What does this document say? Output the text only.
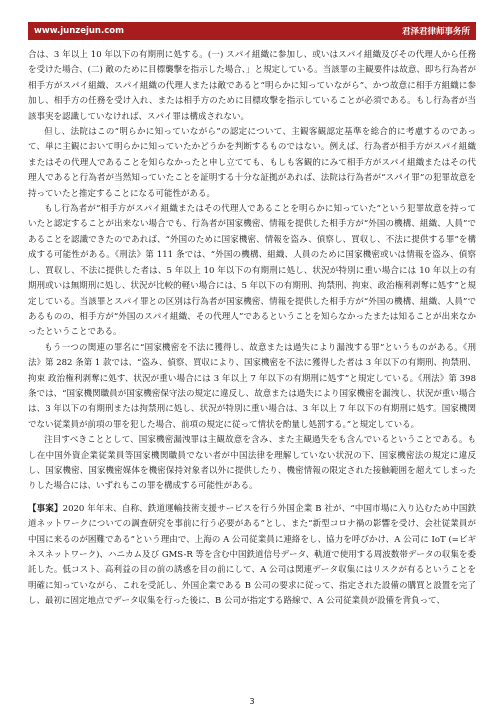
www.junzejun.com	君泽君律师事务所

合は、3 年以上 10 年以下の有期刑に処する。(一) スパイ組織に参加し、或いはスパイ組織及びその代理人から任務を受けた場合、(二) 敵のために目標襲撃を指示した場合、」と規定している。当該罪の主観要件は故意、即ち行為者が相手方がスパイ組織、スパイ組織の代理人または敵であると“明らかに知っていながら”、かつ故意に相手方組織に参加し、相手方の任務を受け入れ、または相手方のために目標攻撃を指示していることが必須である。もし行為者が当該事実を認識していなければ、スパイ罪は構成されない。

但し、法院はこの“明らかに知っていながら”の認定について、主観客観認定基準を総合的に考慮するのであって、単に主観において明らかに知っていたかどうかを判断するものではない。例えば、行為者が相手方がスパイ組織またはその代理人であることを知らなかったと申し立てても、もしも客観的にみて相手方がスパイ組織またはその代理人であると行為者が当然知っていたことを証明する十分な証拠があれば、法院は行為者が“スパイ罪”の犯罪故意を持っていたと推定することになる可能性がある。

もし行為者が“相手方がスパイ組織またはその代理人であることを明らかに知っていた”という犯罪故意を持っていたと認定することが出来ない場合でも、行為者が国家機密、情報を提供した相手方が“外国の機構、組織、人員”であることを認識できたのであれば、“外国のために国家機密、情報を盗み、偵察し、買収し、不法に提供する罪”を構成する可能性がある。《刑法》第 111 条では、“外国の機構、組織、人員のために国家機密或いは情報を盗み、偵察し、買収し、不法に提供した者は、5 年以上 10 年以下の有期刑に処し、状況が特別に重い場合には 10 年以上の有期刑或いは無期刑に処し、状況が比較的軽い場合には、5 年以下の有期刑、拘禁刑、拘束、政治権利剥奪に処す”と規定している。当該罪とスパイ罪との区別は行為者が国家機密、情報を提供した相手方が“外国の機構、組織、人員”であるものの、相手方が“外国のスパイ組織、その代理人”であるということを知らなかったまたは知ることが出来なかったということである。

もう一つの関連の罪名に“国家機密を不法に獲得し、故意または過失により漏洩する罪”というものがある。《刑法》第 282 条第 1 款では、“盗み、偵察、買収により、国家機密を不法に獲得した者は 3 年以下の有期刑、拘禁刑、拘束 政治権利剥奪に処す、状況が重い場合には 3 年以上 7 年以下の有期刑に処す”と規定している。《刑法》第 398 条では、“国家機関職員が国家機密保守法の規定に違反し、故意または過失により国家機密を漏洩し、状況が重い場合は、3 年以下の有期刑または拘禁刑に処し、状況が特別に重い場合は、3 年以上 7 年以下の有期刑に処す。国家機関でない従業員が前項の罪を犯した場合、前項の規定に従って情状を酌量し処罰する。”と規定している。

注目すべきこととして、国家機密漏洩罪は主観故意を含み、また主観過失をも含んでいるということである。もし在中国外資企業従業員等国家機関職員でない者が中国法律を理解していない状況の下、国家機密法の規定に違反し、国家機密、国家機密媒体を機密保持対象者以外に提供したり、機密情報の限定された接触範囲を超えてしまったりした場合には、いずれもこの罪を構成する可能性がある。

【事案】2020 年年末、自称、鉄道運輸技術支援サービスを行う外国企業 B 社が、“中国市場に入り込むため中国鉄道ネットワークについての調査研究を事前に行う必要がある”とし、また“新型コロナ禍の影響を受け、会社従業員が中国に来るのが困難である”という理由で、上海の A 公司従業員に連絡をし、協力を呼びかけ、A 公司に IoT (=ビギネスネットワーク)、ハニカム及び GMS-R 等を含む中国鉄道信号データ、軌道で使用する周波数帯データの収集を委託した。低コスト、高利益の目の前の誘惑を目の前にして、A 公司は関連データ収集にはリスクが有るということを明確に知っていながら、これを受託し、外国企業である B 公司の要求に従って、指定された設備の購買と設置を完了し、最初に固定地点でデータ収集を行った後に、B 公司が指定する路線で、A 公司従業員が設備を背負って、

3
